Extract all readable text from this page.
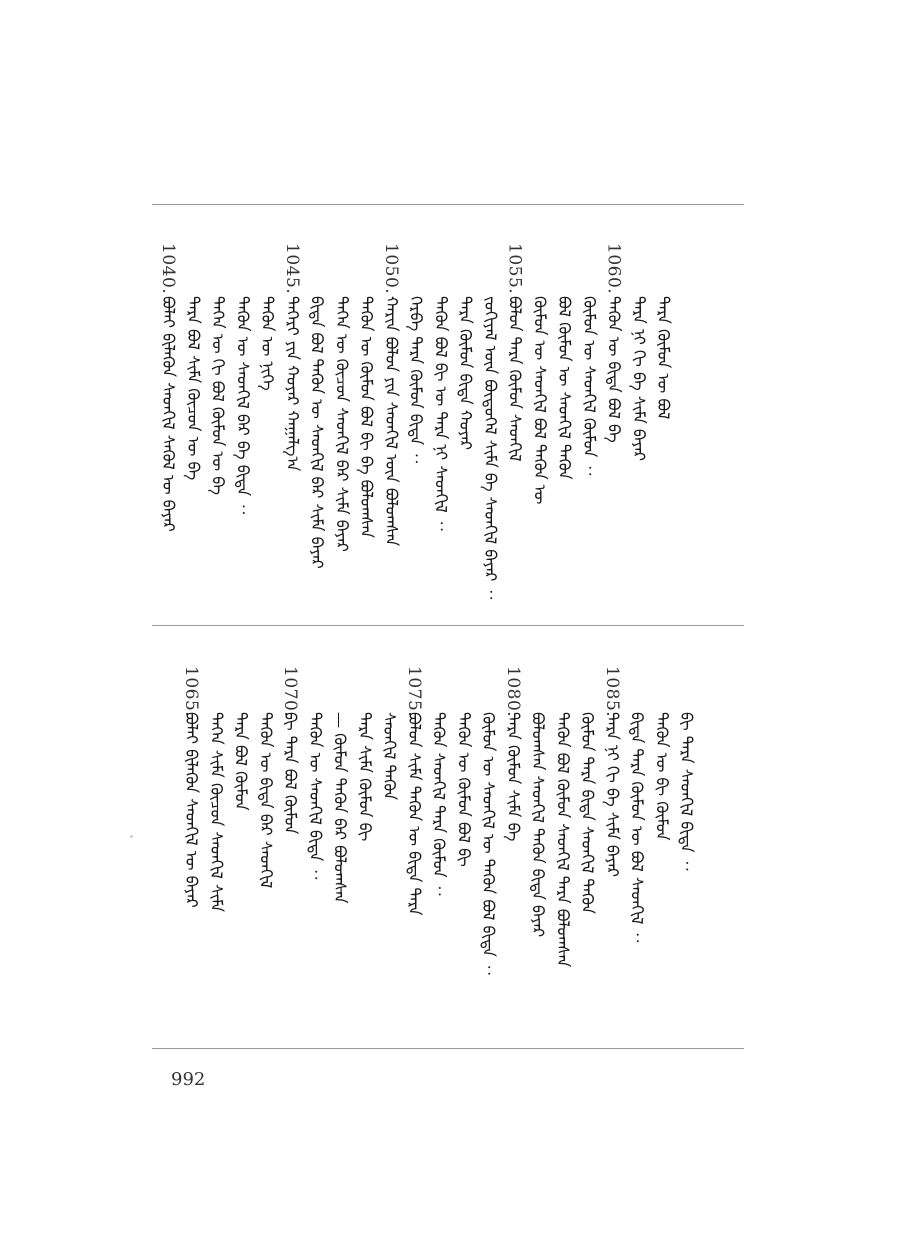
1040.
ᠪᠣᠯᠠᠢ ᠪᠢᠯᠡᠭᠦᠨ ᠰᠡᠳᠬᠢᠯ ᠰᠡᠭᠦᠯ ᠦ ᠪᠠᠶᠠᠷ ᠲᠡᠷᠡ ᠪᠣᠯ ᠰᠢᠮᠡ ᠬᠦᠴᠦᠨ ᠦ ᠪᠡ ᠲᠡᠭᠡᠨ ᠦ ᠬᠢ ᠪᠣᠯ ᠬᠦᠮᠦᠨ ᠦ ᠪᠡ ᠲᠡᠭᠦᠨ ᠦ ᠰᠡᠳᠬᠢᠯ ᠪᠠᠷ ᠪᠠ ᠪᠢᠳᠡ ᠂᠂ ᠲᠡᠭᠦᠨ ᠦ ᠨᠢᠭᠡ
1045.
ᠲᠡᠭᠡᠷᠢ ᠶᠢᠨ ᠬᠣᠶᠠᠷ ᠬᠠᠭᠠᠯᠭ᠎ᠠ ᠪᠢᠳᠡ ᠪᠣᠯ ᠲᠡᠭᠦᠨ ᠦ ᠰᠡᠳᠬᠢᠯ ᠪᠠᠷ ᠰᠢᠮᠡ ᠪᠠᠶᠠᠷ ᠲᠡᠭᠡᠨ ᠦ ᠬᠦᠴᠦᠨ ᠰᠡᠳᠬᠢᠯ ᠪᠠᠷ ᠰᠢᠮᠡ ᠪᠠᠶᠠᠷ ᠲᠡᠭᠦᠨ ᠦ ᠬᠦᠮᠦᠨ ᠪᠣᠯ ᠪᠢ ᠪᠡ ᠪᠣᠯᠤᠭᠰᠠᠨ
1050.
ᠬᠠᠷᠢᠨ ᠪᠣᠯᠤᠨ ᠶᠢᠨ ᠰᠡᠳᠬᠢᠯ ᠦᠨ ᠪᠣᠯᠤᠭᠰᠠᠨ ᠬᠡᠷᠪᠡ ᠲᠡᠷᠡ ᠬᠦᠮᠦᠨ ᠪᠢᠳᠡ ᠂᠂ ᠲᠡᠭᠦᠨ ᠪᠣᠯ ᠪᠢ ᠦ ᠲᠡᠷᠡ ᠨᠢ ᠰᠡᠳᠬᠢᠯ ᠂᠂ ᠲᠡᠷᠡ ᠬᠦᠮᠦᠨ ᠪᠢᠳᠡ ᠬᠣᠶᠠᠷ ᠵᠣᠬᠢᠶᠠᠯ ᠦᠨ ᠪᠦᠲᠦᠭᠡᠯ ᠰᠢᠮᠡ ᠪᠡ ᠰᠡᠳᠬᠢᠯ ᠪᠠᠶᠠᠷ ᠂᠂
1055.
ᠪᠣᠯᠤᠨ ᠲᠡᠷᠡ ᠬᠦᠮᠦᠨ ᠰᠡᠳᠬᠢᠯ ᠬᠦᠮᠦᠨ ᠦ ᠰᠡᠳᠬᠢᠯ ᠪᠣᠯ ᠲᠡᠭᠦᠨ ᠦ ᠪᠣᠯ ᠬᠦᠮᠦᠨ ᠦ ᠰᠡᠳᠬᠢᠯ ᠲᠡᠭᠦᠨ ᠬᠦᠮᠦᠨ ᠦ ᠰᠡᠳᠬᠢᠯ ᠬᠦᠮᠦᠨ ᠂᠂
1060.
ᠲᠡᠭᠦᠨ ᠦ ᠪᠢᠳᠡ ᠪᠣᠯ ᠪᠡ ᠲᠡᠷᠡ ᠨᠢ ᠬᠢ ᠪᠡ ᠰᠢᠮᠡ ᠪᠠᠶᠠᠷ ᠲᠡᠷᠡ ᠬᠦᠮᠦᠨ ᠦ ᠪᠣᠯ
1065.
ᠪᠣᠯᠠᠢ ᠪᠢᠯᠡᠭᠦᠨ ᠰᠡᠳᠬᠢᠯ ᠦ ᠪᠠᠶᠠᠷ ᠲᠡᠭᠡᠨ ᠰᠢᠮᠡ ᠬᠦᠴᠦᠨ ᠰᠡᠳᠬᠢᠯ ᠰᠢᠮᠡ ᠲᠡᠷᠡ ᠪᠣᠯ ᠬᠦᠮᠦᠨ ᠲᠡᠭᠦᠨ ᠦ ᠪᠢᠳᠡ ᠪᠠᠷ ᠰᠡᠳᠬᠢᠯ
1070.
ᠪᠢ ᠲᠡᠷᠡ ᠪᠣᠯ ᠬᠦᠮᠦᠨ ᠲᠡᠭᠦᠨ ᠦ ᠰᠡᠳᠬᠢᠯ ᠪᠢᠳᠡ ᠂᠂ — ᠬᠦᠮᠦᠨ ᠲᠡᠭᠦᠨ ᠪᠠᠷ ᠪᠣᠯᠤᠭᠰᠠᠨ ᠲᠡᠷᠡ ᠰᠢᠮᠡ ᠬᠦᠮᠦᠨ ᠪᠢ ᠰᠡᠳᠬᠢᠯ ᠲᠡᠭᠦᠨ
1075.
ᠪᠣᠯᠤᠨ ᠰᠢᠮᠡ ᠲᠡᠭᠦᠨ ᠦ ᠪᠢᠳᠡ ᠲᠡᠷᠡ ᠲᠡᠭᠦᠨ ᠰᠡᠳᠬᠢᠯ ᠲᠡᠷᠡ ᠬᠦᠮᠦᠨ ᠂᠂ ᠲᠡᠭᠦᠨ ᠦ ᠬᠦᠮᠦᠨ ᠪᠣᠯ ᠪᠢ ᠬᠦᠮᠦᠨ ᠦ ᠰᠡᠳᠬᠢᠯ ᠦ ᠲᠡᠭᠦᠨ ᠪᠣᠯ ᠪᠢᠳᠡ ᠂᠂
1080.
ᠲᠡᠷᠡ ᠬᠦᠮᠦᠨ ᠰᠢᠮᠡ ᠪᠡ ᠪᠣᠯᠤᠭᠰᠠᠨ ᠰᠡᠳᠬᠢᠯ ᠲᠡᠭᠦᠨ ᠪᠢᠳᠡ ᠪᠠᠶᠠᠷ ᠲᠡᠭᠦᠨ ᠪᠣᠯ ᠬᠦᠮᠦᠨ ᠰᠡᠳᠬᠢᠯ ᠲᠡᠷᠡ ᠪᠣᠯᠤᠭᠰᠠᠨ ᠬᠦᠮᠦᠨ ᠲᠡᠷᠡ ᠪᠢᠳᠡ ᠰᠡᠳᠬᠢᠯ ᠲᠡᠭᠦᠨ
1085.
ᠲᠡᠷᠡ ᠨᠢ ᠬᠢ ᠪᠡ ᠰᠢᠮᠡ ᠪᠠᠶᠠᠷ ᠪᠢᠳᠡ ᠲᠡᠷᠡ ᠬᠦᠮᠦᠨ ᠦ ᠪᠣᠯ ᠰᠡᠳᠬᠢᠯ ᠂᠂ ᠲᠡᠭᠦᠨ ᠦ ᠪᠢ ᠬᠦᠮᠦᠨ ᠪᠢ ᠲᠡᠷᠡ ᠰᠡᠳᠬᠢᠯ ᠪᠢᠳᠡ ᠂᠂
992
